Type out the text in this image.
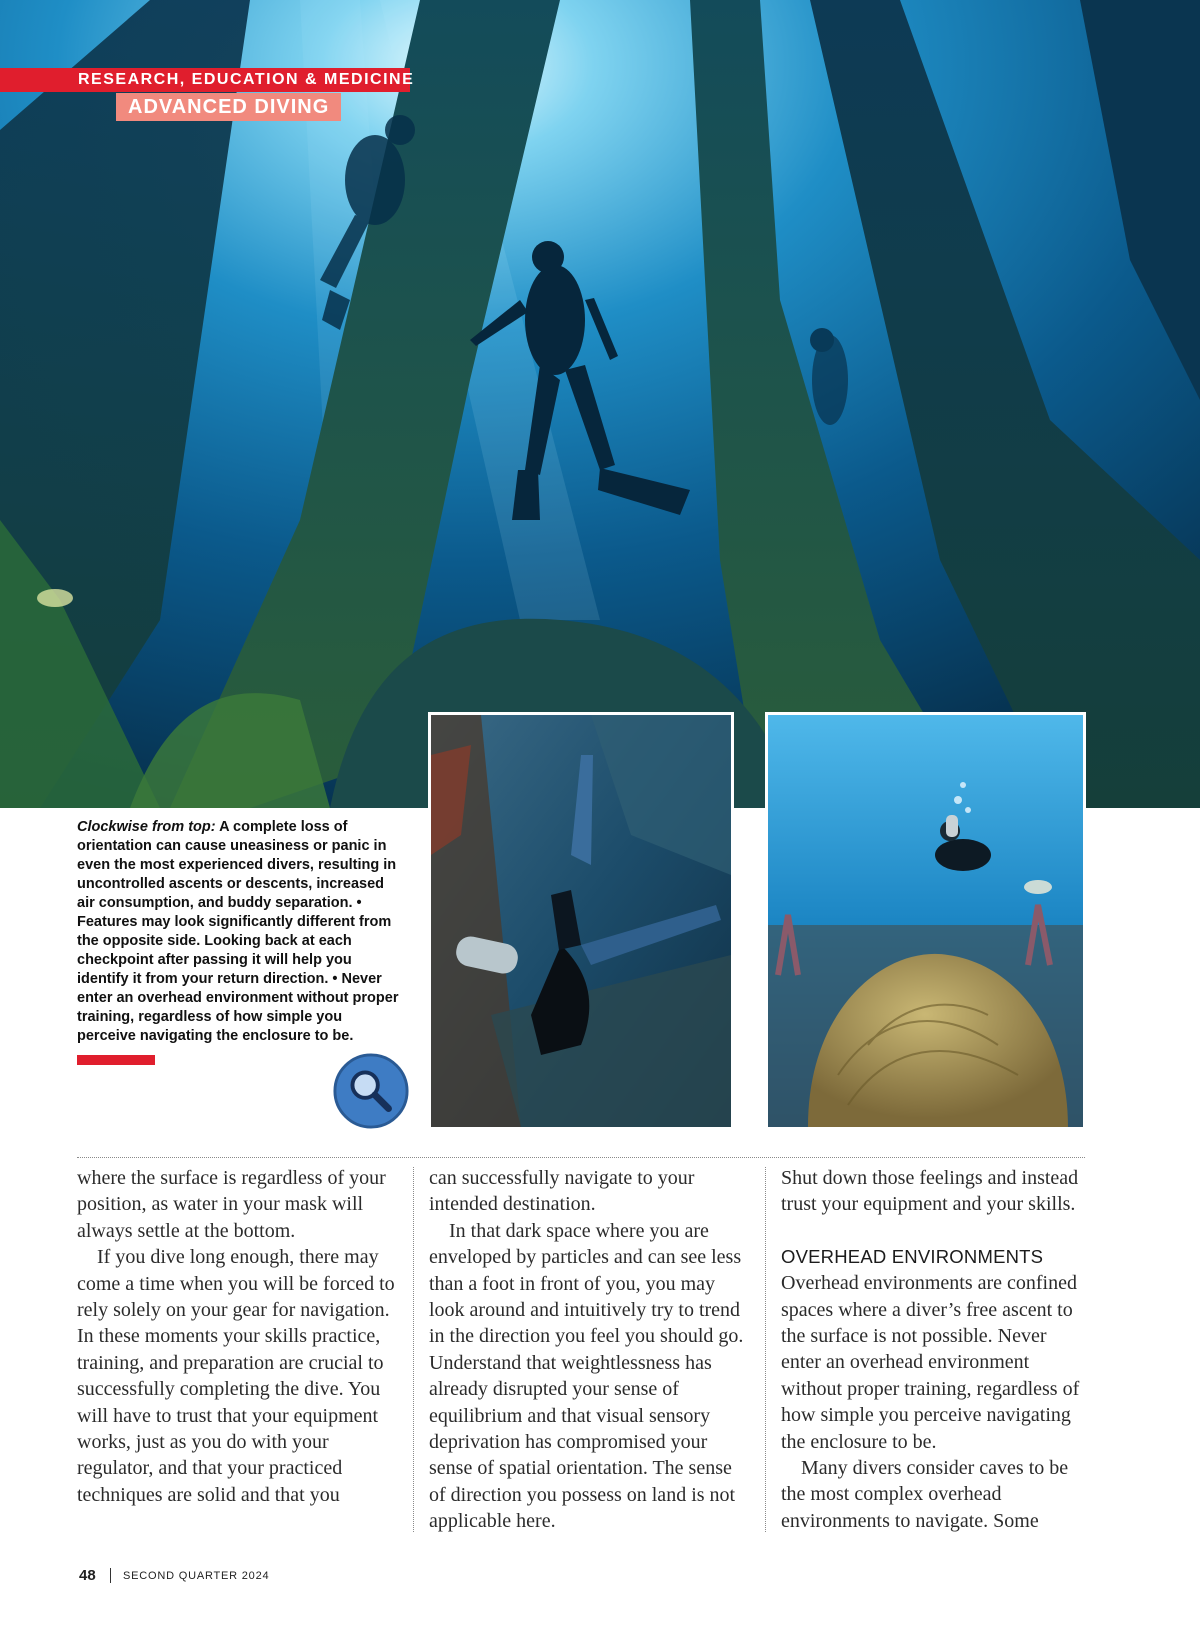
RESEARCH, EDUCATION & MEDICINE
ADVANCED DIVING
Clockwise from top: A complete loss of orientation can cause uneasiness or panic in even the most experienced divers, resulting in uncontrolled ascents or descents, increased air consumption, and buddy separation. • Features may look significantly different from the opposite side. Looking back at each checkpoint after passing it will help you identify it from your return direction. • Never enter an overhead environment without proper training, regardless of how simple you perceive navigating the enclosure to be.

where the surface is regardless of your position, as water in your mask will always settle at the bottom.

If you dive long enough, there may come a time when you will be forced to rely solely on your gear for navigation. In these moments your skills practice, training, and preparation are crucial to successfully completing the dive. You will have to trust that your equipment works, just as you do with your regulator, and that your practiced techniques are solid and that you

can successfully navigate to your intended destination.

In that dark space where you are enveloped by particles and can see less than a foot in front of you, you may look around and intuitively try to trend in the direction you feel you should go. Understand that weightlessness has already disrupted your sense of equilibrium and that visual sensory deprivation has compromised your sense of spatial orientation. The sense of direction you possess on land is not applicable here.

Shut down those feelings and instead trust your equipment and your skills.

OVERHEAD ENVIRONMENTS

Overhead environments are confined spaces where a diver’s free ascent to the surface is not possible. Never enter an overhead environment without proper training, regardless of how simple you perceive navigating the enclosure to be.

Many divers consider caves to be the most complex overhead environments to navigate. Some

48 SECOND QUARTER 2024
